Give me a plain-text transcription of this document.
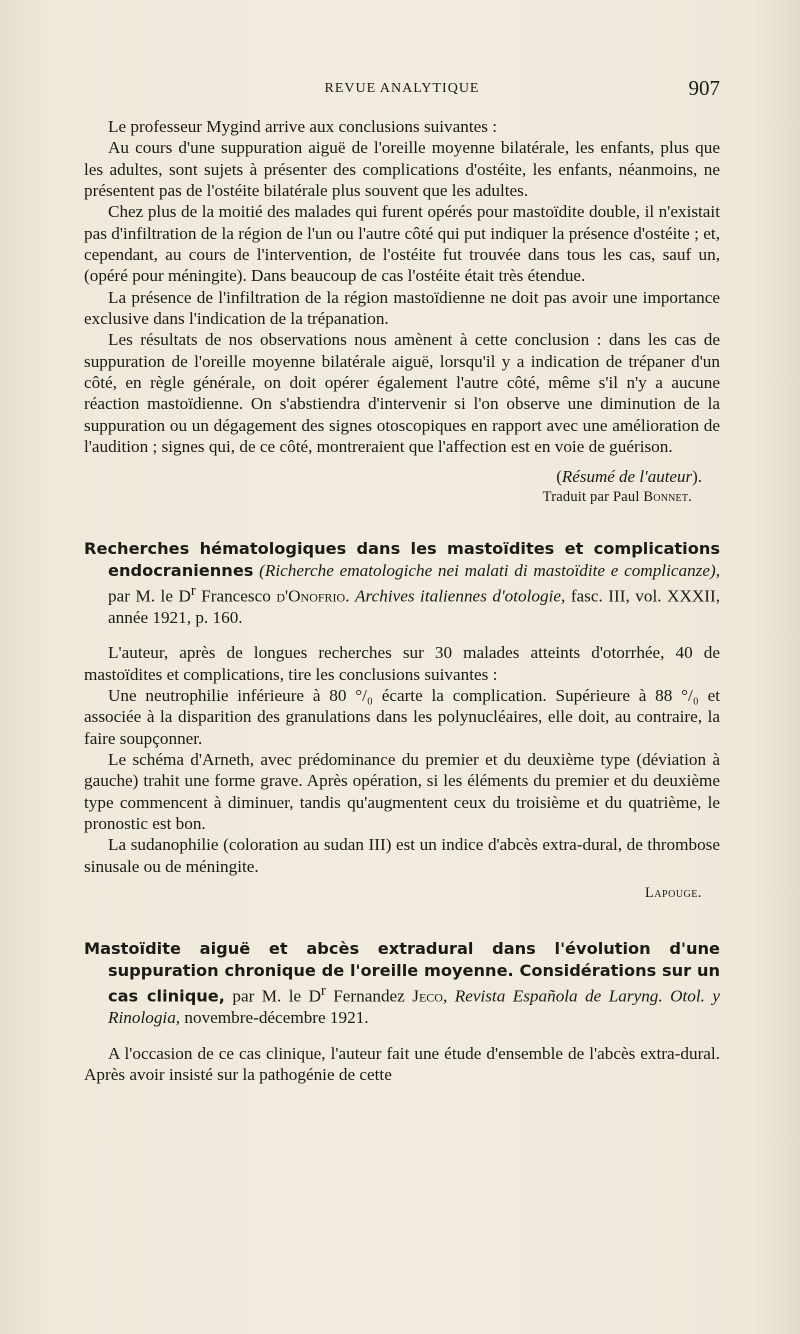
REVUE ANALYTIQUE	907

Le professeur Mygind arrive aux conclusions suivantes :

Au cours d'une suppuration aiguë de l'oreille moyenne bilatérale, les enfants, plus que les adultes, sont sujets à présenter des complications d'ostéite, les enfants, néanmoins, ne présentent pas de l'ostéite bilatérale plus souvent que les adultes.

Chez plus de la moitié des malades qui furent opérés pour mastoïdite double, il n'existait pas d'infiltration de la région de l'un ou l'autre côté qui put indiquer la présence d'ostéite ; et, cependant, au cours de l'intervention, de l'ostéite fut trouvée dans tous les cas, sauf un, (opéré pour méningite). Dans beaucoup de cas l'ostéite était très étendue.

La présence de l'infiltration de la région mastoïdienne ne doit pas avoir une importance exclusive dans l'indication de la trépanation.

Les résultats de nos observations nous amènent à cette conclusion : dans les cas de suppuration de l'oreille moyenne bilatérale aiguë, lorsqu'il y a indication de trépaner d'un côté, en règle générale, on doit opérer également l'autre côté, même s'il n'y a aucune réaction mastoïdienne. On s'abstiendra d'intervenir si l'on observe une diminution de la suppuration ou un dégagement des signes otoscopiques en rapport avec une amélioration de l'audition ; signes qui, de ce côté, montreraient que l'affection est en voie de guérison.

(Résumé de l'auteur).
Traduit par Paul Bonnet.
Recherches hématologiques dans les mastoïdites et complications endocraniennes (Richerche ematologiche nei malati di mastoïdite e complicanze), par M. le $D^r$ Francesco d'Onofrio. Archives italiennes d'otologie, fasc. III, vol. XXXII, année 1921, p. 160.

L'auteur, après de longues recherches sur 30 malades atteints d'otorrhée, 40 de mastoïdites et complications, tire les conclusions suivantes :

Une neutrophilie inférieure à 80 °/₀ écarte la complication. Supérieure à 88 °/₀ et associée à la disparition des granulations dans les polynucléaires, elle doit, au contraire, la faire soupçonner.

Le schéma d'Arneth, avec prédominance du premier et du deuxième type (déviation à gauche) trahit une forme grave. Après opération, si les éléments du premier et du deuxième type commencent à diminuer, tandis qu'augmentent ceux du troisième et du quatrième, le pronostic est bon.

La sudanophilie (coloration au sudan III) est un indice d'abcès extra-dural, de thrombose sinusale ou de méningite.

Lapouge.
Mastoïdite aiguë et abcès extradural dans l'évolution d'une suppuration chronique de l'oreille moyenne. Considérations sur un cas clinique, par M. le $D^r$ Fernandez Jeco, Revista Española de Laryng. Otol. y Rinologia, novembre-décembre 1921.

A l'occasion de ce cas clinique, l'auteur fait une étude d'ensemble de l'abcès extra-dural. Après avoir insisté sur la pathogénie de cette
